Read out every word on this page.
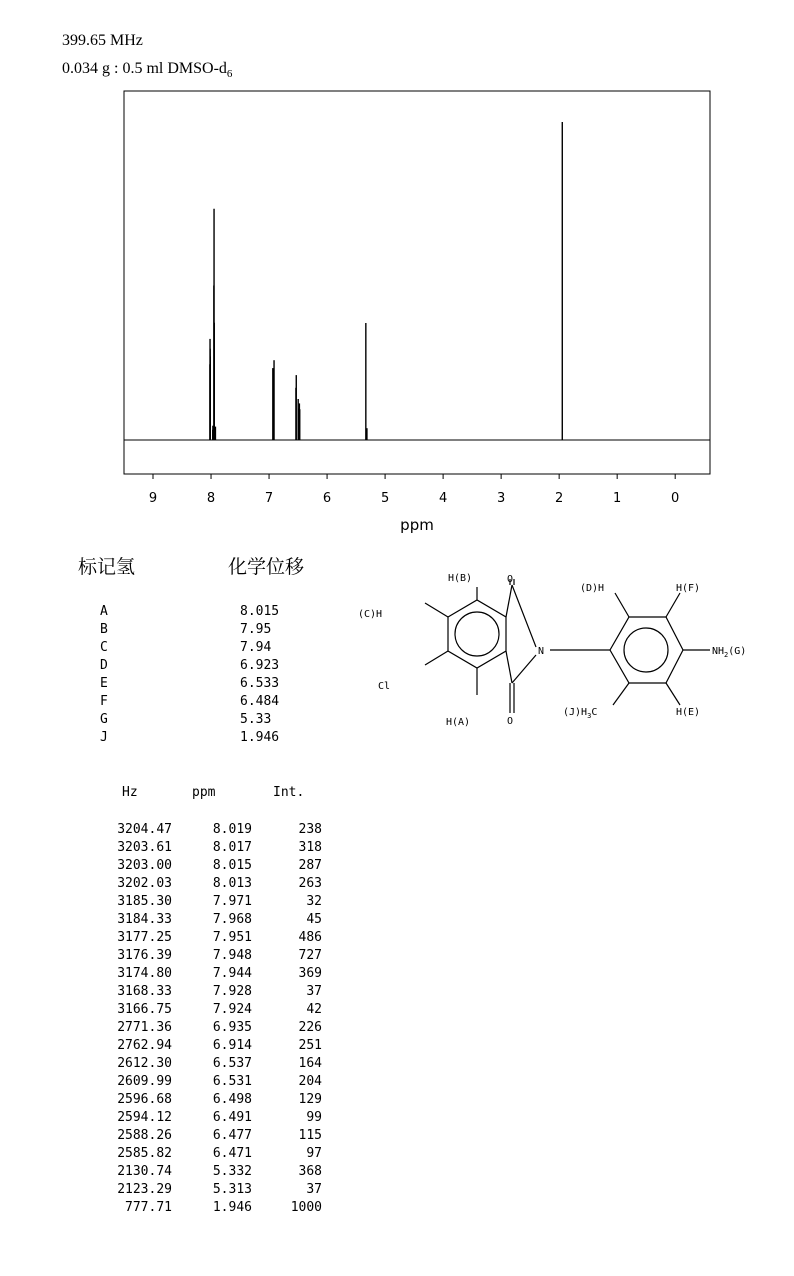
399.65 MHz
0.034 g : 0.5 ml DMSO-$d_6$
9	8	7	6	5	4	3	2	1	0
ppm
标记氢	化学位移
A	8.015
B	7.95
C	7.94
D	6.923
E	6.533
F	6.484
G	5.33
J	1.946
H(B)
(C)H
Cl
H(A)
O
O
N
(D)H	H(F)
$NH_2(G)$
$(J)H_3C$	H(E)
Hz	ppm	Int.
3204.47	8.019	238
3203.61	8.017	318
3203.00	8.015	287
3202.03	8.013	263
3185.30	7.971	32
3184.33	7.968	45
3177.25	7.951	486
3176.39	7.948	727
3174.80	7.944	369
3168.33	7.928	37
3166.75	7.924	42
2771.36	6.935	226
2762.94	6.914	251
2612.30	6.537	164
2609.99	6.531	204
2596.68	6.498	129
2594.12	6.491	99
2588.26	6.477	115
2585.82	6.471	97
2130.74	5.332	368
2123.29	5.313	37
777.71	1.946	1000
